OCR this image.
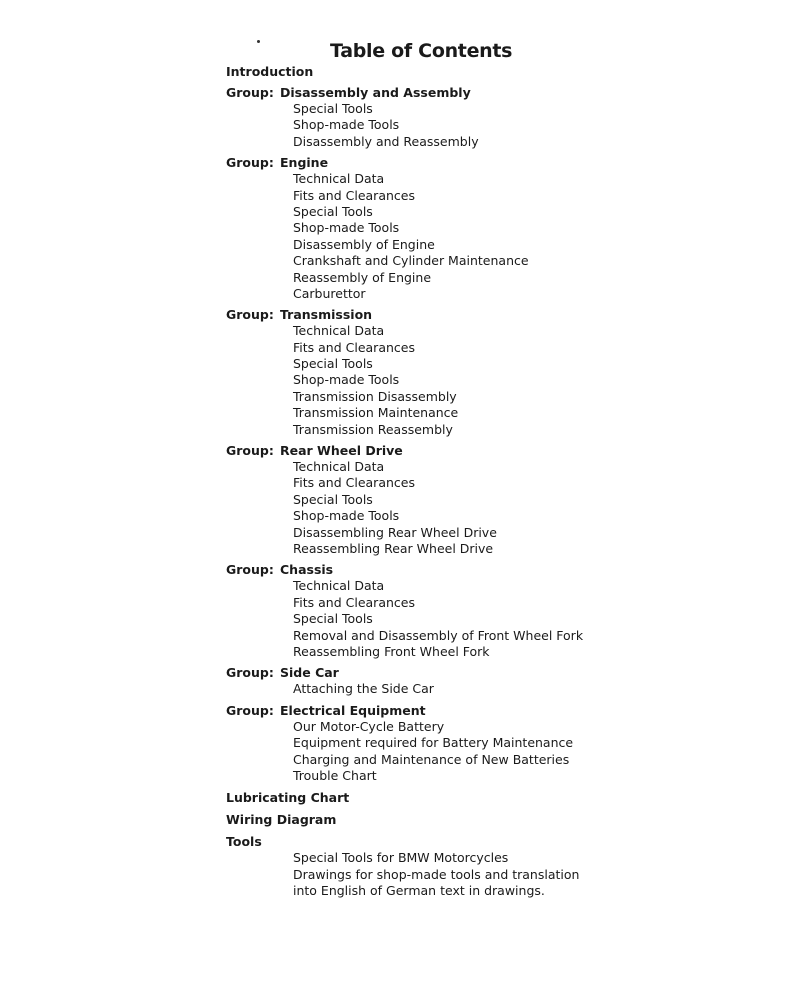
Table of Contents
Introduction
Group: Disassembly and Assembly
Special Tools
Shop-made Tools
Disassembly and Reassembly
Group: Engine
Technical Data
Fits and Clearances
Special Tools
Shop-made Tools
Disassembly of Engine
Crankshaft and Cylinder Maintenance
Reassembly of Engine
Carburettor
Group: Transmission
Technical Data
Fits and Clearances
Special Tools
Shop-made Tools
Transmission Disassembly
Transmission Maintenance
Transmission Reassembly
Group: Rear Wheel Drive
Technical Data
Fits and Clearances
Special Tools
Shop-made Tools
Disassembling Rear Wheel Drive
Reassembling Rear Wheel Drive
Group: Chassis
Technical Data
Fits and Clearances
Special Tools
Removal and Disassembly of Front Wheel Fork
Reassembling Front Wheel Fork
Group: Side Car
Attaching the Side Car
Group: Electrical Equipment
Our Motor-Cycle Battery
Equipment required for Battery Maintenance
Charging and Maintenance of New Batteries
Trouble Chart
Lubricating Chart
Wiring Diagram
Tools
Special Tools for BMW Motorcycles
Drawings for shop-made tools and translation
into English of German text in drawings.
